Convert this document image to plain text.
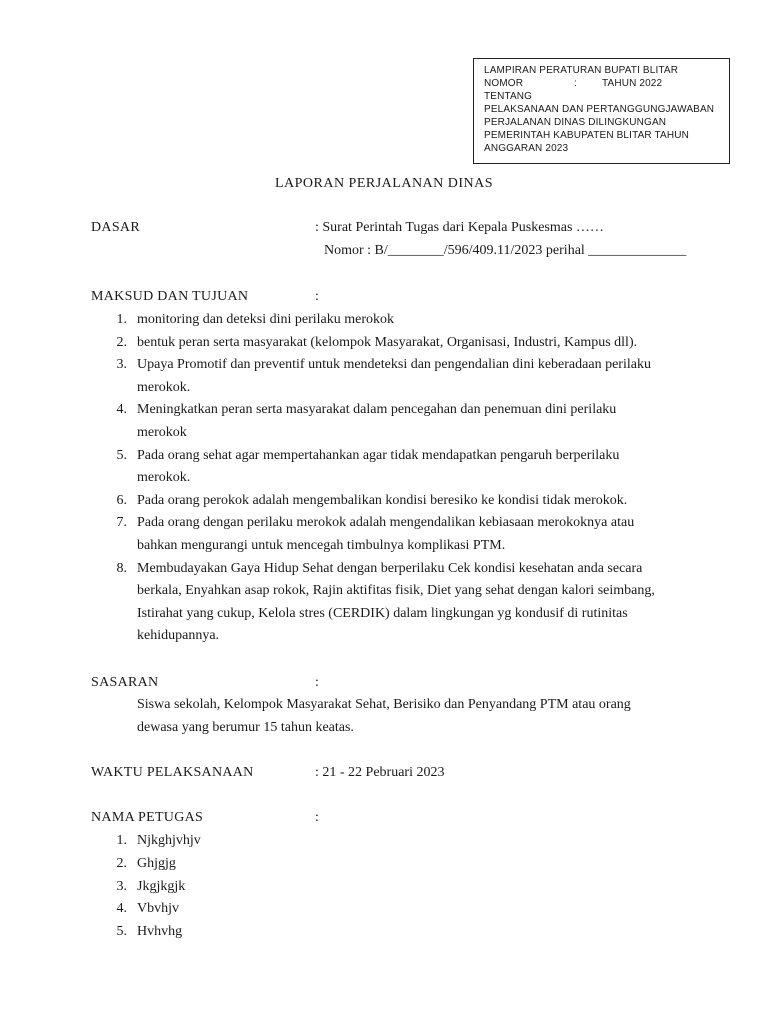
LAMPIRAN PERATURAN BUPATI BLITAR
NOMOR	:	TAHUN 2022
TENTANG
PELAKSANAAN DAN PERTANGGUNGJAWABAN
PERJALANAN DINAS DILINGKUNGAN
PEMERINTAH KABUPATEN BLITAR TAHUN
ANGGARAN 2023
LAPORAN PERJALANAN DINAS
DASAR	: Surat Perintah Tugas dari Kepala Puskesmas ……
Nomor : B/________/596/409.11/2023 perihal ______________
MAKSUD DAN TUJUAN	:
1. monitoring dan deteksi dini perilaku merokok
2. bentuk peran serta masyarakat (kelompok Masyarakat, Organisasi, Industri, Kampus dll).
3. Upaya Promotif dan preventif untuk mendeteksi dan pengendalian dini keberadaan perilaku
merokok.
4. Meningkatkan peran serta masyarakat dalam pencegahan dan penemuan dini perilaku
merokok
5. Pada orang sehat agar mempertahankan agar tidak mendapatkan pengaruh berperilaku
merokok.
6. Pada orang perokok adalah mengembalikan kondisi beresiko ke kondisi tidak merokok.
7. Pada orang dengan perilaku merokok adalah mengendalikan kebiasaan merokoknya atau
bahkan mengurangi untuk mencegah timbulnya komplikasi PTM.
8. Membudayakan Gaya Hidup Sehat dengan berperilaku Cek kondisi kesehatan anda secara
berkala, Enyahkan asap rokok, Rajin aktifitas fisik, Diet yang sehat dengan kalori seimbang,
Istirahat yang cukup, Kelola stres (CERDIK) dalam lingkungan yg kondusif di rutinitas
kehidupannya.
SASARAN	:
Siswa sekolah, Kelompok Masyarakat Sehat, Berisiko dan Penyandang PTM atau orang
dewasa yang berumur 15 tahun keatas.
WAKTU PELAKSANAAN	: 21 - 22 Pebruari 2023
NAMA PETUGAS	:
1. Njkghjvhjv
2. Ghjgjg
3. Jkgjkgjk
4. Vbvhjv
5. Hvhvhg
